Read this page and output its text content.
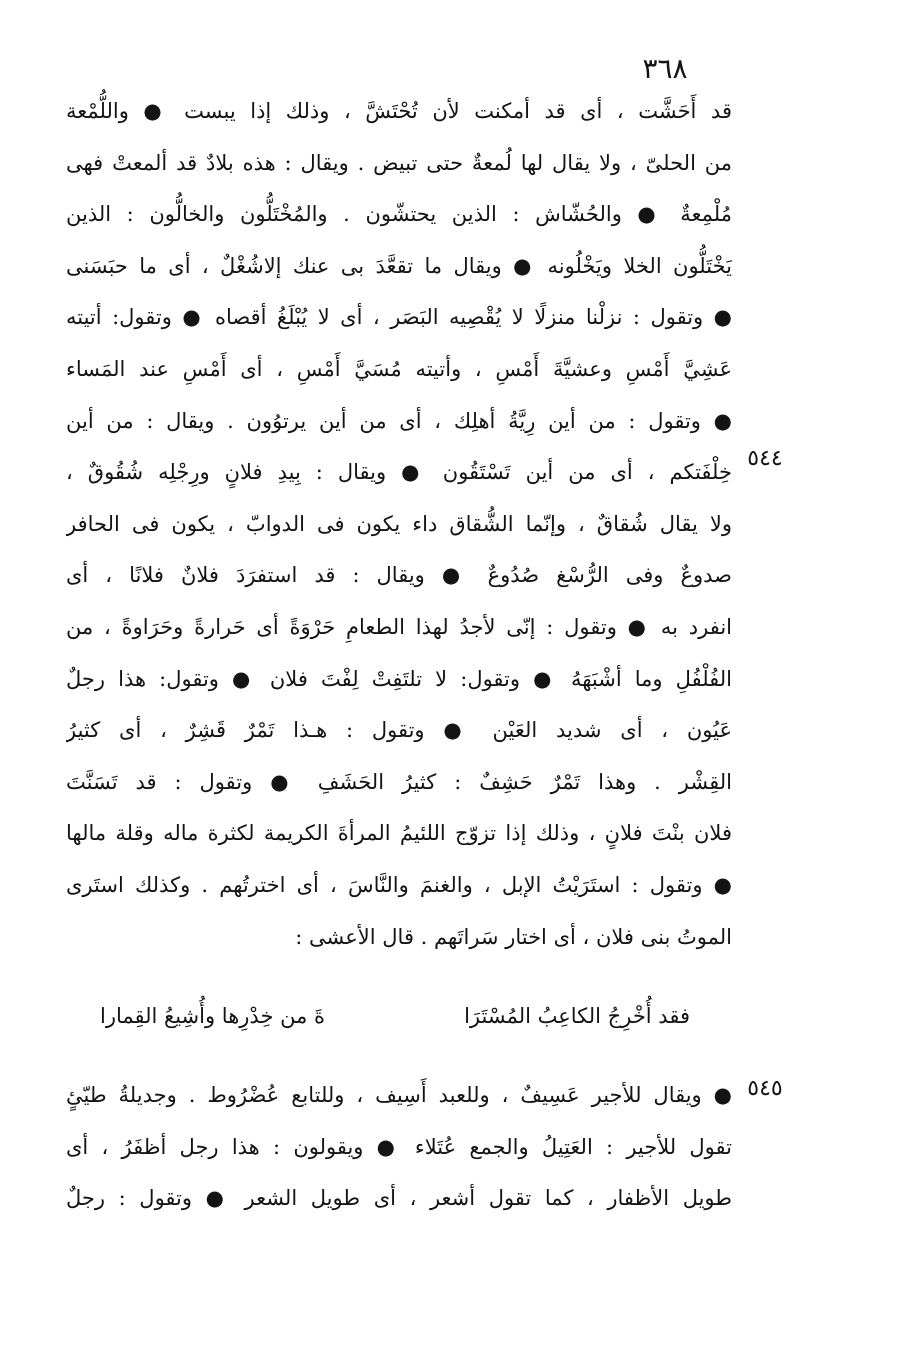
٣٦٨
قد أَحَشَّت ، أى قد أمكنت لأن تُحْتَشَّ ، وذلك إذا يبست ● واللُّمْعة
من الحلىّ ، ولا يقال لها لُمعةٌ حتى تبيض . ويقال : هذه بلادٌ قد ألمعتْ فهى
مُلْمِعةٌ ● والحُشّاش : الذين يحتشّون . والمُخْتَلُّون والخالُّون : الذين
يَخْتَلُّون الخلا ويَخْلُونه ● ويقال ما تقعَّدَ بى عنك إلاشُغْلٌ ، أى ما حبَسَنى
● وتقول : نزلْنا منزلًا لا يُقْصِيه البَصَر ، أى لا يُبْلَغُ أقصاه ● وتقول: أتيته
عَشِيَّ أَمْسِ وعشيَّةَ أَمْسِ ، وأتيته مُسَيَّ أَمْسِ ، أى أَمْسِ عند المَساء
● وتقول : من أين رِيَّةُ أهلِك ، أى من أين يرتوُون . ويقال : من أين
خِلْفَتكم ، أى من أين تَسْتَقُون ● ويقال : بِيدِ فلانٍ ورِجْلِه شُقُوقٌ ،
ولا يقال شُقاقٌ ، وإنّما الشُّقاق داء يكون فى الدوابّ ، يكون فى الحافر
صدوعٌ وفى الرُّسْغ صُدُوعٌ ● ويقال : قد استفرَدَ فلانٌ فلانًا ، أى
انفرد به ● وتقول : إنّى لأجدُ لهذا الطعامِ حَرْوَةً أى حَرارةً وحَرَاوةً ، من
الفُلْفُلِ وما أشْبَهَهُ ● وتقول: لا تلتَفِتْ لِفْتَ فلان ● وتقول: هذا رجلٌ
عَيُون ، أى شديد العَيْن ● وتقول : هـذا تَمْرٌ قَشِرٌ ، أى كثيرُ
القِشْر . وهذا تَمْرٌ حَشِفٌ : كثيرُ الحَشَفِ ● وتقول : قد تَسَنَّتَ
فلان بنْتَ فلانٍ ، وذلك إذا تزوّج اللئيمُ المرأةَ الكريمة لكثرة ماله وقلة مالها
● وتقول : استَرَيْتُ الإبل ، والغنمَ والنَّاسَ ، أى اخترتُهم . وكذلك استَرى
الموتُ بنى فلان ، أى اختار سَراتَهم . قال الأعشى :
٥٤٤
فقد أُخْرِجُ الكاعِبُ المُسْتَرَا
ةَ من خِدْرِها وأُشِيعُ القِمارا
● ويقال للأجير عَسِيفٌ ، وللعبد أَسِيف ، وللتابع عُضْرُوط . وجديلةُ طيّئٍ
تقول للأجير : العَتِيلُ والجمع عُتَلاء ● ويقولون : هذا رجل أظفَرُ ، أى
طويل الأظفار ، كما تقول أشعر ، أى طويل الشعر ● وتقول : رجلٌ
٥٤٥
